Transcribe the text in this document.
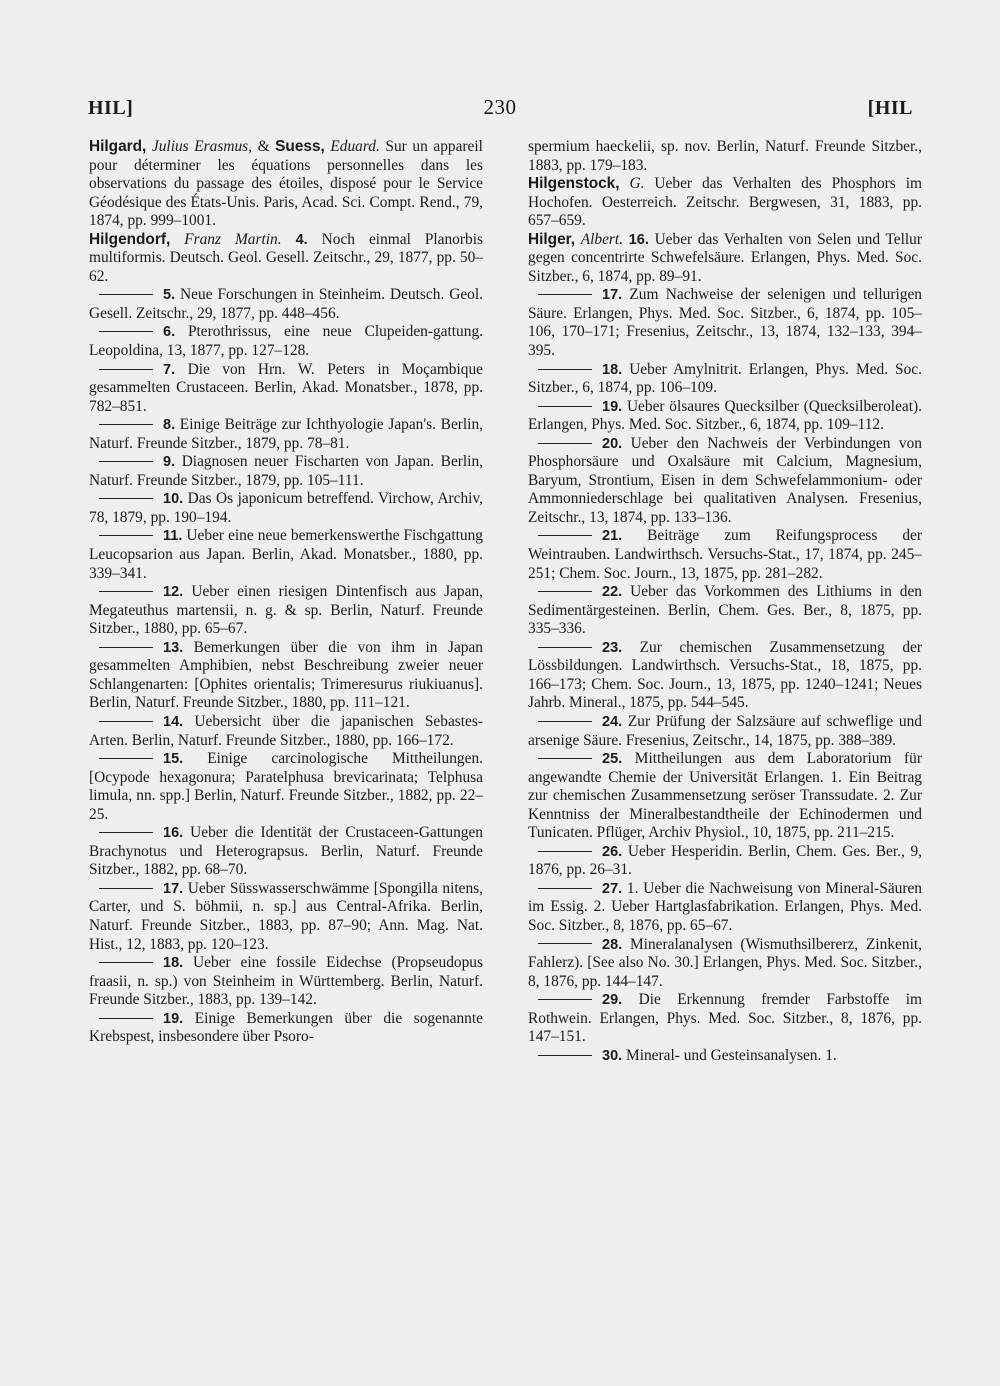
HIL]	230	[HIL

Hilgard, Julius Erasmus, & Suess, Eduard. Sur un appareil pour déterminer les équations personnelles dans les observations du passage des étoiles, disposé pour le Service Géodésique des États-Unis. Paris, Acad. Sci. Compt. Rend., 79, 1874, pp. 999–1001.

Hilgendorf, Franz Martin. 4. Noch einmal Planorbis multiformis. Deutsch. Geol. Gesell. Zeitschr., 29, 1877, pp. 50–62.

5. Neue Forschungen in Steinheim. Deutsch. Geol. Gesell. Zeitschr., 29, 1877, pp. 448–456.

6. Pterothrissus, eine neue Clupeiden-gattung. Leopoldina, 13, 1877, pp. 127–128.

7. Die von Hrn. W. Peters in Moçambique gesammelten Crustaceen. Berlin, Akad. Monatsber., 1878, pp. 782–851.

8. Einige Beiträge zur Ichthyologie Japan's. Berlin, Naturf. Freunde Sitzber., 1879, pp. 78–81.

9. Diagnosen neuer Fischarten von Japan. Berlin, Naturf. Freunde Sitzber., 1879, pp. 105–111.

10. Das Os japonicum betreffend. Virchow, Archiv, 78, 1879, pp. 190–194.

11. Ueber eine neue bemerkenswerthe Fischgattung Leucopsarion aus Japan. Berlin, Akad. Monatsber., 1880, pp. 339–341.

12. Ueber einen riesigen Dintenfisch aus Japan, Megateuthus martensii, n. g. & sp. Berlin, Naturf. Freunde Sitzber., 1880, pp. 65–67.

13. Bemerkungen über die von ihm in Japan gesammelten Amphibien, nebst Beschreibung zweier neuer Schlangenarten: [Ophites orientalis; Trimeresurus riukiuanus]. Berlin, Naturf. Freunde Sitzber., 1880, pp. 111–121.

14. Uebersicht über die japanischen Sebastes-Arten. Berlin, Naturf. Freunde Sitzber., 1880, pp. 166–172.

15. Einige carcinologische Mittheilungen. [Ocypode hexagonura; Paratelphusa brevicarinata; Telphusa limula, nn. spp.] Berlin, Naturf. Freunde Sitzber., 1882, pp. 22–25.

16. Ueber die Identität der Crustaceen-Gattungen Brachynotus und Heterograpsus. Berlin, Naturf. Freunde Sitzber., 1882, pp. 68–70.

17. Ueber Süsswasserschwämme [Spongilla nitens, Carter, und S. böhmii, n. sp.] aus Central-Afrika. Berlin, Naturf. Freunde Sitzber., 1883, pp. 87–90; Ann. Mag. Nat. Hist., 12, 1883, pp. 120–123.

18. Ueber eine fossile Eidechse (Propseudopus fraasii, n. sp.) von Steinheim in Württemberg. Berlin, Naturf. Freunde Sitzber., 1883, pp. 139–142.

19. Einige Bemerkungen über die sogenannte Krebspest, insbesondere über Psoro-

spermium haeckelii, sp. nov. Berlin, Naturf. Freunde Sitzber., 1883, pp. 179–183.

Hilgenstock, G. Ueber das Verhalten des Phosphors im Hochofen. Oesterreich. Zeitschr. Bergwesen, 31, 1883, pp. 657–659.

Hilger, Albert. 16. Ueber das Verhalten von Selen und Tellur gegen concentrirte Schwefelsäure. Erlangen, Phys. Med. Soc. Sitzber., 6, 1874, pp. 89–91.

17. Zum Nachweise der selenigen und tellurigen Säure. Erlangen, Phys. Med. Soc. Sitzber., 6, 1874, pp. 105–106, 170–171; Fresenius, Zeitschr., 13, 1874, 132–133, 394–395.

18. Ueber Amylnitrit. Erlangen, Phys. Med. Soc. Sitzber., 6, 1874, pp. 106–109.

19. Ueber ölsaures Quecksilber (Quecksilberoleat). Erlangen, Phys. Med. Soc. Sitzber., 6, 1874, pp. 109–112.

20. Ueber den Nachweis der Verbindungen von Phosphorsäure und Oxalsäure mit Calcium, Magnesium, Baryum, Strontium, Eisen in dem Schwefelammonium- oder Ammonniederschlage bei qualitativen Analysen. Fresenius, Zeitschr., 13, 1874, pp. 133–136.

21. Beiträge zum Reifungsprocess der Weintrauben. Landwirthsch. Versuchs-Stat., 17, 1874, pp. 245–251; Chem. Soc. Journ., 13, 1875, pp. 281–282.

22. Ueber das Vorkommen des Lithiums in den Sedimentärgesteinen. Berlin, Chem. Ges. Ber., 8, 1875, pp. 335–336.

23. Zur chemischen Zusammensetzung der Lössbildungen. Landwirthsch. Versuchs-Stat., 18, 1875, pp. 166–173; Chem. Soc. Journ., 13, 1875, pp. 1240–1241; Neues Jahrb. Mineral., 1875, pp. 544–545.

24. Zur Prüfung der Salzsäure auf schweflige und arsenige Säure. Fresenius, Zeitschr., 14, 1875, pp. 388–389.

25. Mittheilungen aus dem Laboratorium für angewandte Chemie der Universität Erlangen. 1. Ein Beitrag zur chemischen Zusammensetzung seröser Transsudate. 2. Zur Kenntniss der Mineralbestandtheile der Echinodermen und Tunicaten. Pflüger, Archiv Physiol., 10, 1875, pp. 211–215.

26. Ueber Hesperidin. Berlin, Chem. Ges. Ber., 9, 1876, pp. 26–31.

27. 1. Ueber die Nachweisung von Mineral-Säuren im Essig. 2. Ueber Hartglasfabrikation. Erlangen, Phys. Med. Soc. Sitzber., 8, 1876, pp. 65–67.

28. Mineralanalysen (Wismuthsilbererz, Zinkenit, Fahlerz). [See also No. 30.] Erlangen, Phys. Med. Soc. Sitzber., 8, 1876, pp. 144–147.

29. Die Erkennung fremder Farbstoffe im Rothwein. Erlangen, Phys. Med. Soc. Sitzber., 8, 1876, pp. 147–151.

30. Mineral- und Gesteinsanalysen. 1.
